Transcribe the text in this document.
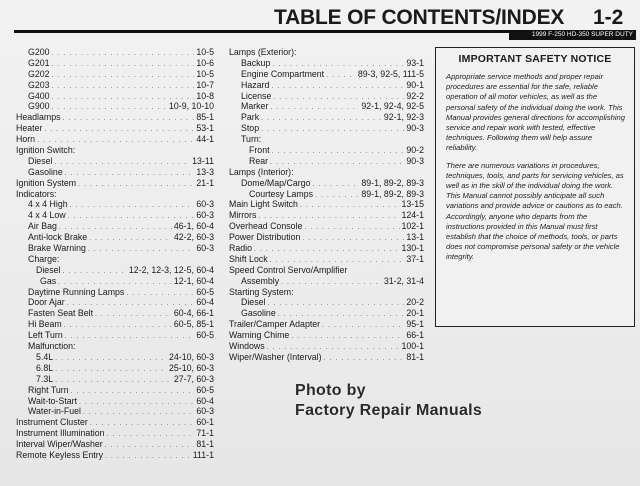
TABLE OF CONTENTS/INDEX 1-2
1999 F-250 HD-350 SUPER DUTY
G200 . . .	10-5
G201 . . .	10-6
G202 . . .	10-5
G203 . . .	10-7
G400 . . .	10-8
G900 . . .	10-9, 10-10
Headlamps . . .	85-1
Heater . . .	53-1
Horn . . .	44-1
Ignition Switch:
Diesel . . .	13-11
Gasoline . . .	13-3
Ignition System . . .	21-1
Indicators:
4 x 4 High . . .	60-3
4 x 4 Low . . .	60-3
Air Bag . . .	46-1, 60-4
Anti-lock Brake . . .	42-2, 60-3
Brake Warning . . .	60-3
Charge:
Diesel . . .	12-2, 12-3, 12-5, 60-4
Gas . . .	12-1, 60-4
Daytime Running Lamps . . .	60-5
Door Ajar . . .	60-4
Fasten Seat Belt . . .	60-4, 66-1
Hi Beam . . .	60-5, 85-1
Left Turn . . .	60-5
Malfunction:
5.4L . . .	24-10, 60-3
6.8L . . .	25-10, 60-3
7.3L . . .	27-7, 60-3
Right Turn . . .	60-5
Wait-to-Start . . .	60-4
Water-in-Fuel . . .	60-3
Instrument Cluster . . .	60-1
Instrument Illumination . . .	71-1
Interval Wiper/Washer . . .	81-1
Remote Keyless Entry . . .	111-1
Lamps (Exterior):
Backup . . .	93-1
Engine Compartment . . .	89-3, 92-5, 111-5
Hazard . . .	90-1
License . . .	92-2
Marker . . .	92-1, 92-4, 92-5
Park . . .	92-1, 92-3
Stop . . .	90-3
Turn:
Front . . .	90-2
Rear . . .	90-3
Lamps (Interior):
Dome/Map/Cargo . . .	89-1, 89-2, 89-3
Courtesy Lamps . . .	89-1, 89-2, 89-3
Main Light Switch . . .	13-15
Mirrors . . .	124-1
Overhead Console . . .	102-1
Power Distribution . . .	13-1
Radio . . .	130-1
Shift Lock . . .	37-1
Speed Control Servo/Amplifier
Assembly . . .	31-2, 31-4
Starting System:
Diesel . . .	20-2
Gasoline . . .	20-1
Trailer/Camper Adapter . . .	95-1
Warning Chime . . .	66-1
Windows . . .	100-1
Wiper/Washer (Interval) . . .	81-1
IMPORTANT SAFETY NOTICE

Appropriate service methods and proper repair procedures are essential for the safe, reliable operation of all motor vehicles, as well as the personal safety of the individual doing the work. This Manual provides general directions for accomplishing service and repair work with tested, effective techniques. Following them will help assure reliability.

There are numerous variations in procedures, techniques, tools, and parts for servicing vehicles, as well as in the skill of the individual doing the work. This Manual cannot possibly anticipate all such variations and provide advice or cautions as to each. Accordingly, anyone who departs from the instructions provided in this Manual must first establish that the choice of methods, tools, or parts does not compromise personal safety or the vehicle integrity.

Photo by
Factory Repair Manuals
